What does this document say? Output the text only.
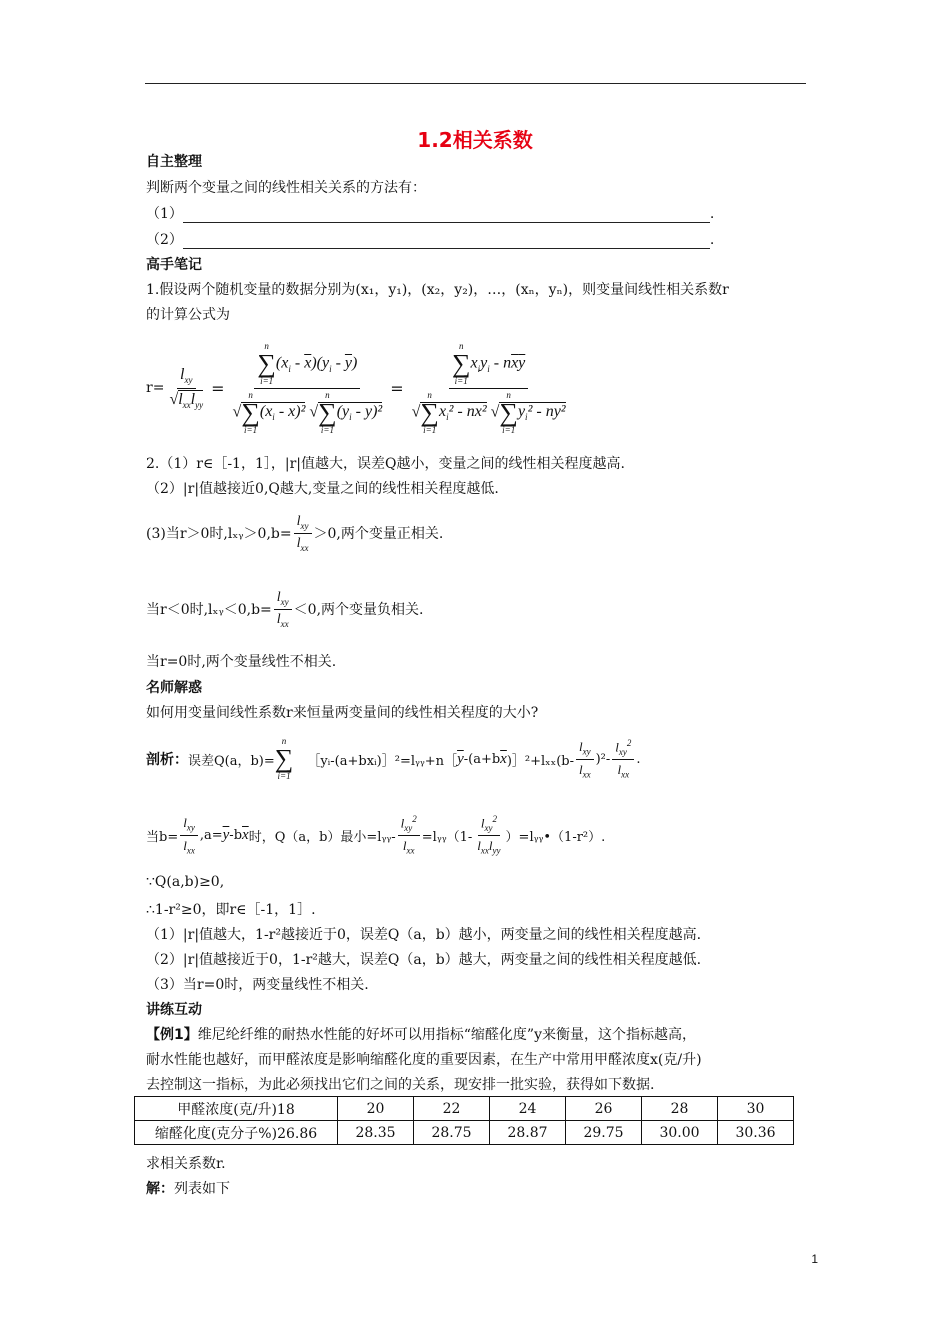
1.2相关系数
自主整理
判断两个变量之间的线性相关关系的方法有：
（1）	.
（2）	.
高手笔记
1.假设两个随机变量的数据分别为(x₁，y₁)，(x₂，y₂)，…，(xₙ，yₙ)，则变量间线性相关系数r
的计算公式为
$r= \frac{l_{xy}}{√l_{xx}l_{yy}} = n$
∑
i=1
$(x_i - \overline{x})(y_i - \overline{y})$
√
n
∑
i=1
$(x_i - \overline{x})^2$ √
n
∑
i=1
$(y_i - \overline{y})^2 = n$
∑
i=1
$x_iy_i - n\overline{x}\overline{y}$
√
n
∑
i=1
$x_i^2 - n\overline{x}^2$ √
n
∑
i=1
$y_i^2 - n\overline{y}^2$
2.（1）r∈［-1，1］，|r|值越大，误差Q越小，变量之间的线性相关程度越高.
（2）|r|值越接近0,Q越大,变量之间的线性相关程度越低.
(3)当r＞0时,lₓᵧ＞0,b= $\frac{l_{xy}}{l_{xx}} >0$,两个变量正相关.
当r＜0时,lₓᵧ＜0,b= $\frac{l_{xy}}{l_{xx}} <0$,两个变量负相关.
当r=0时,两个变量线性不相关.
名师解惑
如何用变量间线性系数r来恒量两变量间的线性相关程度的大小?
剖析： 误差Q(a，b)=
n
∑
i=1
［yᵢ-(a+bxᵢ)］²=lᵧᵧ+n［ $\overline{y}$ -(a+b $\overline{x}$ )］²+lₓₓ(b- $\frac{l_{xy}}{l_{xx}} )^2- \frac{l_{xy}^2}{l_{xx}}$ .
当$b= \frac{l_{xy}}{l_{xx}} ,a= \overline{y}$ -b $\overline{x}$ 时，Q（a，b）最小=lᵧᵧ- $\frac{l_{xy}^2}{l_{xx}}$ =lᵧᵧ（1- $\frac{l_{xy}^2}{l_{xx}l_{yy}}$ ）=lᵧᵧ•（1-r²）.
∵Q(a,b)≥0,
∴1-r²≥0，即r∈［-1，1］.
（1）|r|值越大，1-r²越接近于0，误差Q（a，b）越小，两变量之间的线性相关程度越高.
（2）|r|值越接近于0，1-r²越大，误差Q（a，b）越大，两变量之间的线性相关程度越低.
（3）当r=0时，两变量线性不相关.
讲练互动
【例1】维尼纶纤维的耐热水性能的好坏可以用指标“缩醛化度”y来衡量，这个指标越高，
耐水性能也越好，而甲醛浓度是影响缩醛化度的重要因素，在生产中常用甲醛浓度x(克/升)
去控制这一指标，为此必须找出它们之间的关系，现安排一批实验，获得如下数据.
甲醛浓度(克/升)18	20	22	24	26	28	30
缩醛化度(克分子%)26.86	28.35	28.75	28.87	29.75	30.00	30.36
求相关系数r.
解：列表如下
1
